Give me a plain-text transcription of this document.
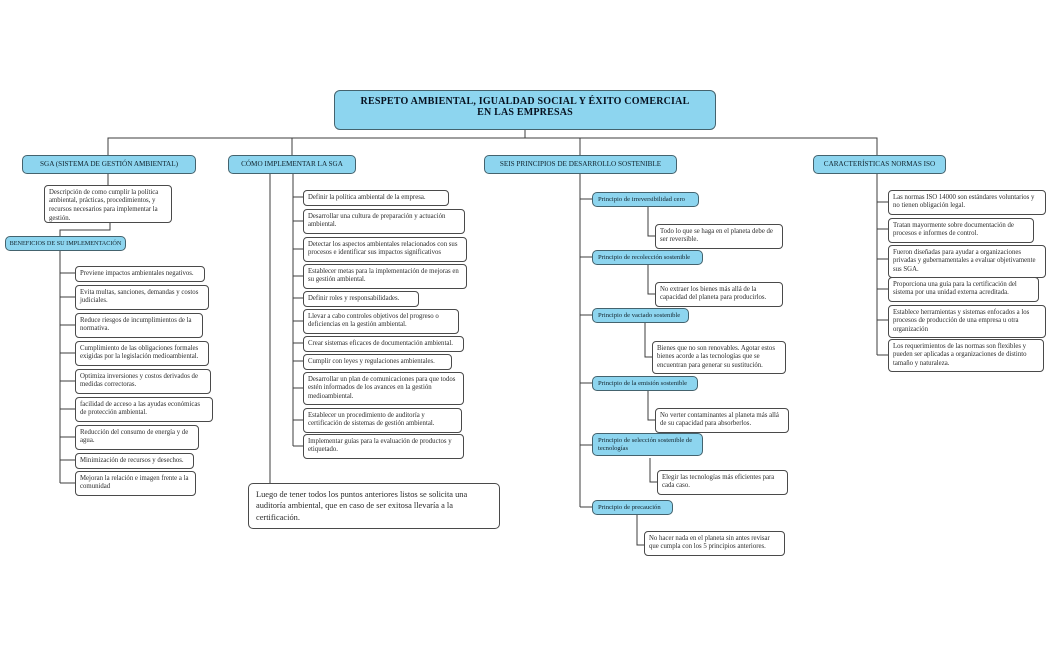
RESPETO AMBIENTAL, IGUALDAD SOCIAL Y ÉXITO COMERCIAL
EN LAS EMPRESAS
SGA (SISTEMA DE GESTIÓN AMBIENTAL)	CÓMO IMPLEMENTAR LA SGA	SEIS PRINCIPIOS DE DESARROLLO SOSTENIBLE	CARACTERÍSTICAS NORMAS ISO
Descripción de como cumplir la política ambiental, prácticas, procedimientos, y recursos necesarios para implementar la gestión.
BENEFICIOS DE SU IMPLEMENTACIÓN
Previene impactos ambientales negativos.
Evita multas, sanciones, demandas y costos judiciales.
Reduce riesgos de incumplimientos de la normativa.
Cumplimiento de las obligaciones formales exigidas por la legislación medioambiental.
Optimiza inversiones y costos derivados de medidas correctoras.
facilidad de acceso a las ayudas económicas de protección ambiental.
Reducción del consumo de energía y de agua.
Minimización de recursos y desechos.
Mejoran la relación e imagen frente a la comunidad
Definir la política ambiental de la empresa.
Desarrollar una cultura de preparación y actuación ambiental.
Detectar los aspectos ambientales relacionados con sus procesos e identificar sus impactos significativos
Establecer metas para la implementación de mejoras en su gestión ambiental.
Definir roles y responsabilidades.
Llevar a cabo controles objetivos del progreso o deficiencias en la gestión ambiental.
Crear sistemas eficaces de documentación ambiental.
Cumplir con leyes y regulaciones ambientales.
Desarrollar un plan de comunicaciones para que todos estén informados de los avances en la gestión medioambiental.
Establecer un procedimiento de auditoría y certificación de sistemas de gestión ambiental.
Implementar guías para la evaluación de productos y etiquetado.
Luego de tener todos los puntos anteriores listos se solicita una auditoría ambiental, que en caso de ser exitosa llevaría a la certificación.
Principio de irreversibilidad cero
Todo lo que se haga en el planeta debe de ser reversible.
Principio de recolección sostenible
No extraer los bienes más allá de la capacidad del planeta para producirlos.
Principio de vaciado sostenible
Bienes que no son renovables. Agotar estos bienes acorde a las tecnologías que se encuentran para generar su sustitución.
Principio de la emisión sostenible
No verter contaminantes al planeta más allá de su capacidad para absorberlos.
Principio de selección sostenible de tecnologías
Elegir las tecnologías más eficientes para cada caso.
Principio de precaución
No hacer nada en el planeta sin antes revisar que cumpla con los 5 principios anteriores.
Las normas ISO 14000 son estándares voluntarios y no tienen obligación legal.
Tratan mayormente sobre documentación de procesos e informes de control.
Fueron diseñadas para ayudar a organizaciones privadas y gubernamentales a evaluar objetivamente sus SGA.
Proporciona una guía para la certificación del sistema por una unidad externa acreditada.
Establece herramientas y sistemas enfocados a los procesos de producción de una empresa u otra organización
Los requerimientos de las normas son flexibles y pueden ser aplicadas a organizaciones de distinto tamaño y naturaleza.
